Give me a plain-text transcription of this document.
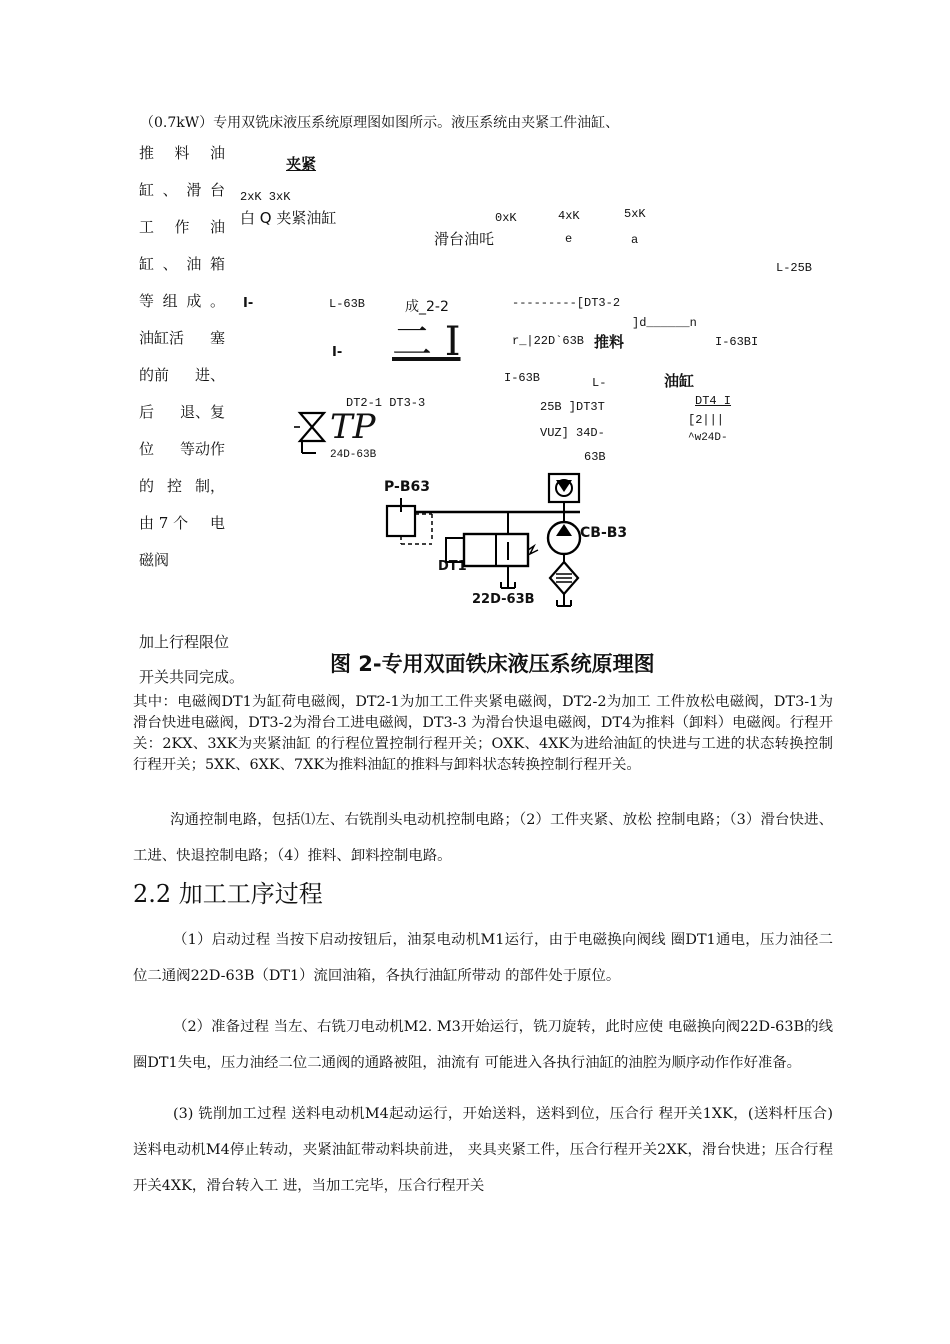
（0.7kW）专用双铣床液压系统原理图如图所示。液压系统由夹紧工件油缸、
推 料 油
缸 、 滑 台
工 作 油
缸 、 油 箱
等 组 成 。
油缸活 塞
的前 进、
后 退、复
位 等动作
的 控 制，
由 7 个 电
磁阀
加上行程限位
开关共同完成。
夹紧
2xK 3xK
白 Q 夹紧油缸	0xK	4xK	5xK
滑台油吒	e	a
L-25B
I-	L-63B	成_2-2	---------[DT3-2
]d______n
二 I	r_|22D`63B 推料	I-63BI
I-
I-63B	L-	油缸
DT2-1 DT3-3	25B ]DT3T	DT4 I
[2|||
TP	VUZ] 34D-	^w24D-
24D-63B	63B
P-B63
CB-B3
DT1
22D-63B
图 2-专用双面铁床液压系统原理图

其中：电磁阀DT1为缸荷电磁阀，DT2-1为加工工件夹紧电磁阀，DT2-2为加工 工件放松电磁阀，DT3-1为滑台快进电磁阀，DT3-2为滑台工进电磁阀，DT3-3 为滑台快退电磁阀，DT4为推料（卸料）电磁阀。行程开关：2KX、3XK为夹紧油缸 的行程位置控制行程开关；OXK、4XK为进给油缸的快进与工进的状态转换控制 行程开关；5XK、6XK、7XK为推料油缸的推料与卸料状态转换控制行程开关。

沟通控制电路，包括⑴左、右铣削头电动机控制电路；（2）工件夹紧、放松 控制电路；（3）滑台快进、工进、快退控制电路；（4）推料、卸料控制电路。

2.2 加工工序过程

（1）启动过程 当按下启动按钮后，油泵电动机M1运行，由于电磁换向阀线 圈DT1通电，压力油径二位二通阀22D-63B（DT1）流回油箱，各执行油缸所带动 的部件处于原位。

（2）准备过程 当左、右铣刀电动机M2. M3开始运行，铣刀旋转，此时应使 电磁换向阀22D-63B的线圈DT1失电，压力油经二位二通阀的通路被阻，油流有 可能进入各执行油缸的油腔为顺序动作作好准备。

(3) 铣削加工过程 送料电动机M4起动运行，开始送料，送料到位，压合行 程开关1XK，(送料杆压合)送料电动机M4停止转动，夹紧油缸带动料块前进， 夹具夹紧工件，压合行程开关2XK，滑台快进；压合行程开关4XK，滑台转入工 进，当加工完毕，压合行程开关
